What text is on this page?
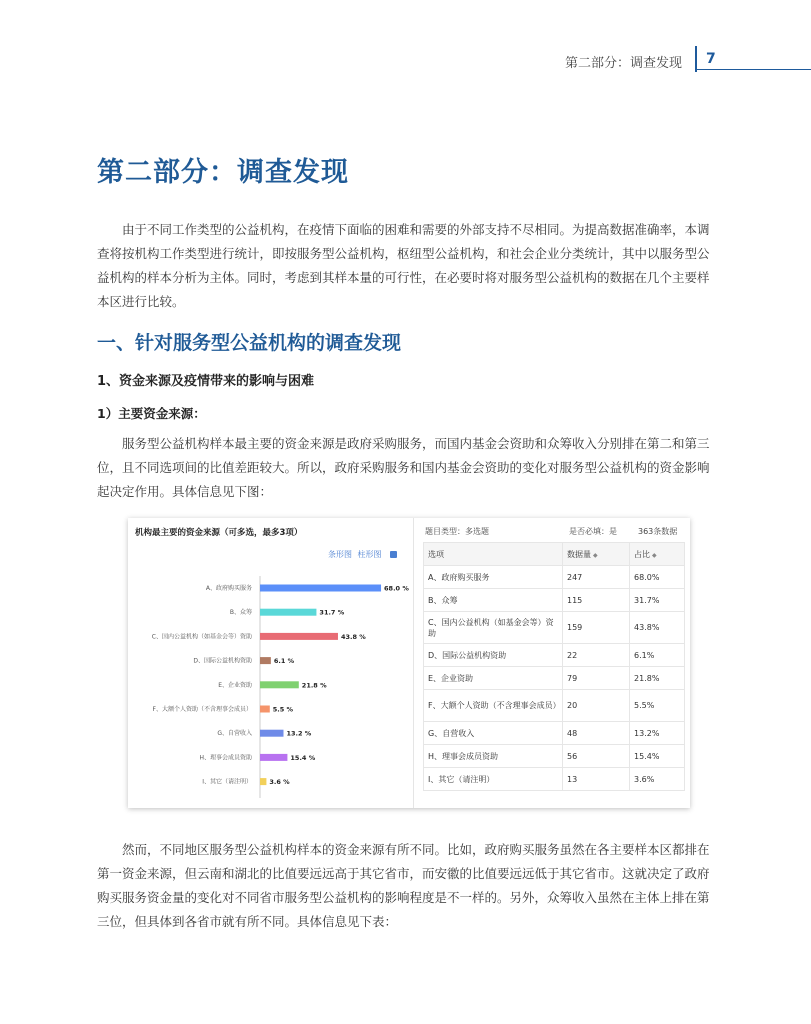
第二部分：调查发现 7
第二部分：调查发现

由于不同工作类型的公益机构，在疫情下面临的困难和需要的外部支持不尽相同。为提高数据准确率，本调查将按机构工作类型进行统计，即按服务型公益机构，枢纽型公益机构，和社会企业分类统计，其中以服务型公益机构的样本分析为主体。同时，考虑到其样本量的可行性，在必要时将对服务型公益机构的数据在几个主要样本区进行比较。

一、针对服务型公益机构的调查发现
1、资金来源及疫情带来的影响与困难
1）主要资金来源：

服务型公益机构样本最主要的资金来源是政府采购服务，而国内基金会资助和众筹收入分别排在第二和第三位，且不同选项间的比值差距较大。所以，政府采购服务和国内基金会资助的变化对服务型公益机构的资金影响起决定作用。具体信息见下图：

A、政府购买服务	68.0 %
B、众筹	31.7 %
C、国内公益机构（如基金会等）资助	43.8 %
D、国际公益机构资助	6.1 %
E、企业资助	21.8 %
F、大额个人资助（不含理事会成员）	5.5 %
G、自营收入	13.2 %
H、理事会成员资助	15.4 %
I、其它（请注明）	3.6 %
机构最主要的资金来源（可多选，最多3项）
条形图 柱形图
题目类型：多选题	是否必填：是	363条数据
选项	数据量 ◆	占比 ◆
A、政府购买服务	247	68.0%
B、众筹	115	31.7%
C、国内公益机构（如基金会等）资助	159	43.8%
D、国际公益机构资助	22	6.1%
E、企业资助	79	21.8%
F、大额个人资助（不含理事会成员）	20	5.5%
G、自营收入	48	13.2%
H、理事会成员资助	56	15.4%
I、其它（请注明）	13	3.6%

然而，不同地区服务型公益机构样本的资金来源有所不同。比如，政府购买服务虽然在各主要样本区都排在第一资金来源，但云南和湖北的比值要远远高于其它省市，而安徽的比值要远远低于其它省市。这就决定了政府购买服务资金量的变化对不同省市服务型公益机构的影响程度是不一样的。另外，众筹收入虽然在主体上排在第三位，但具体到各省市就有所不同。具体信息见下表：
